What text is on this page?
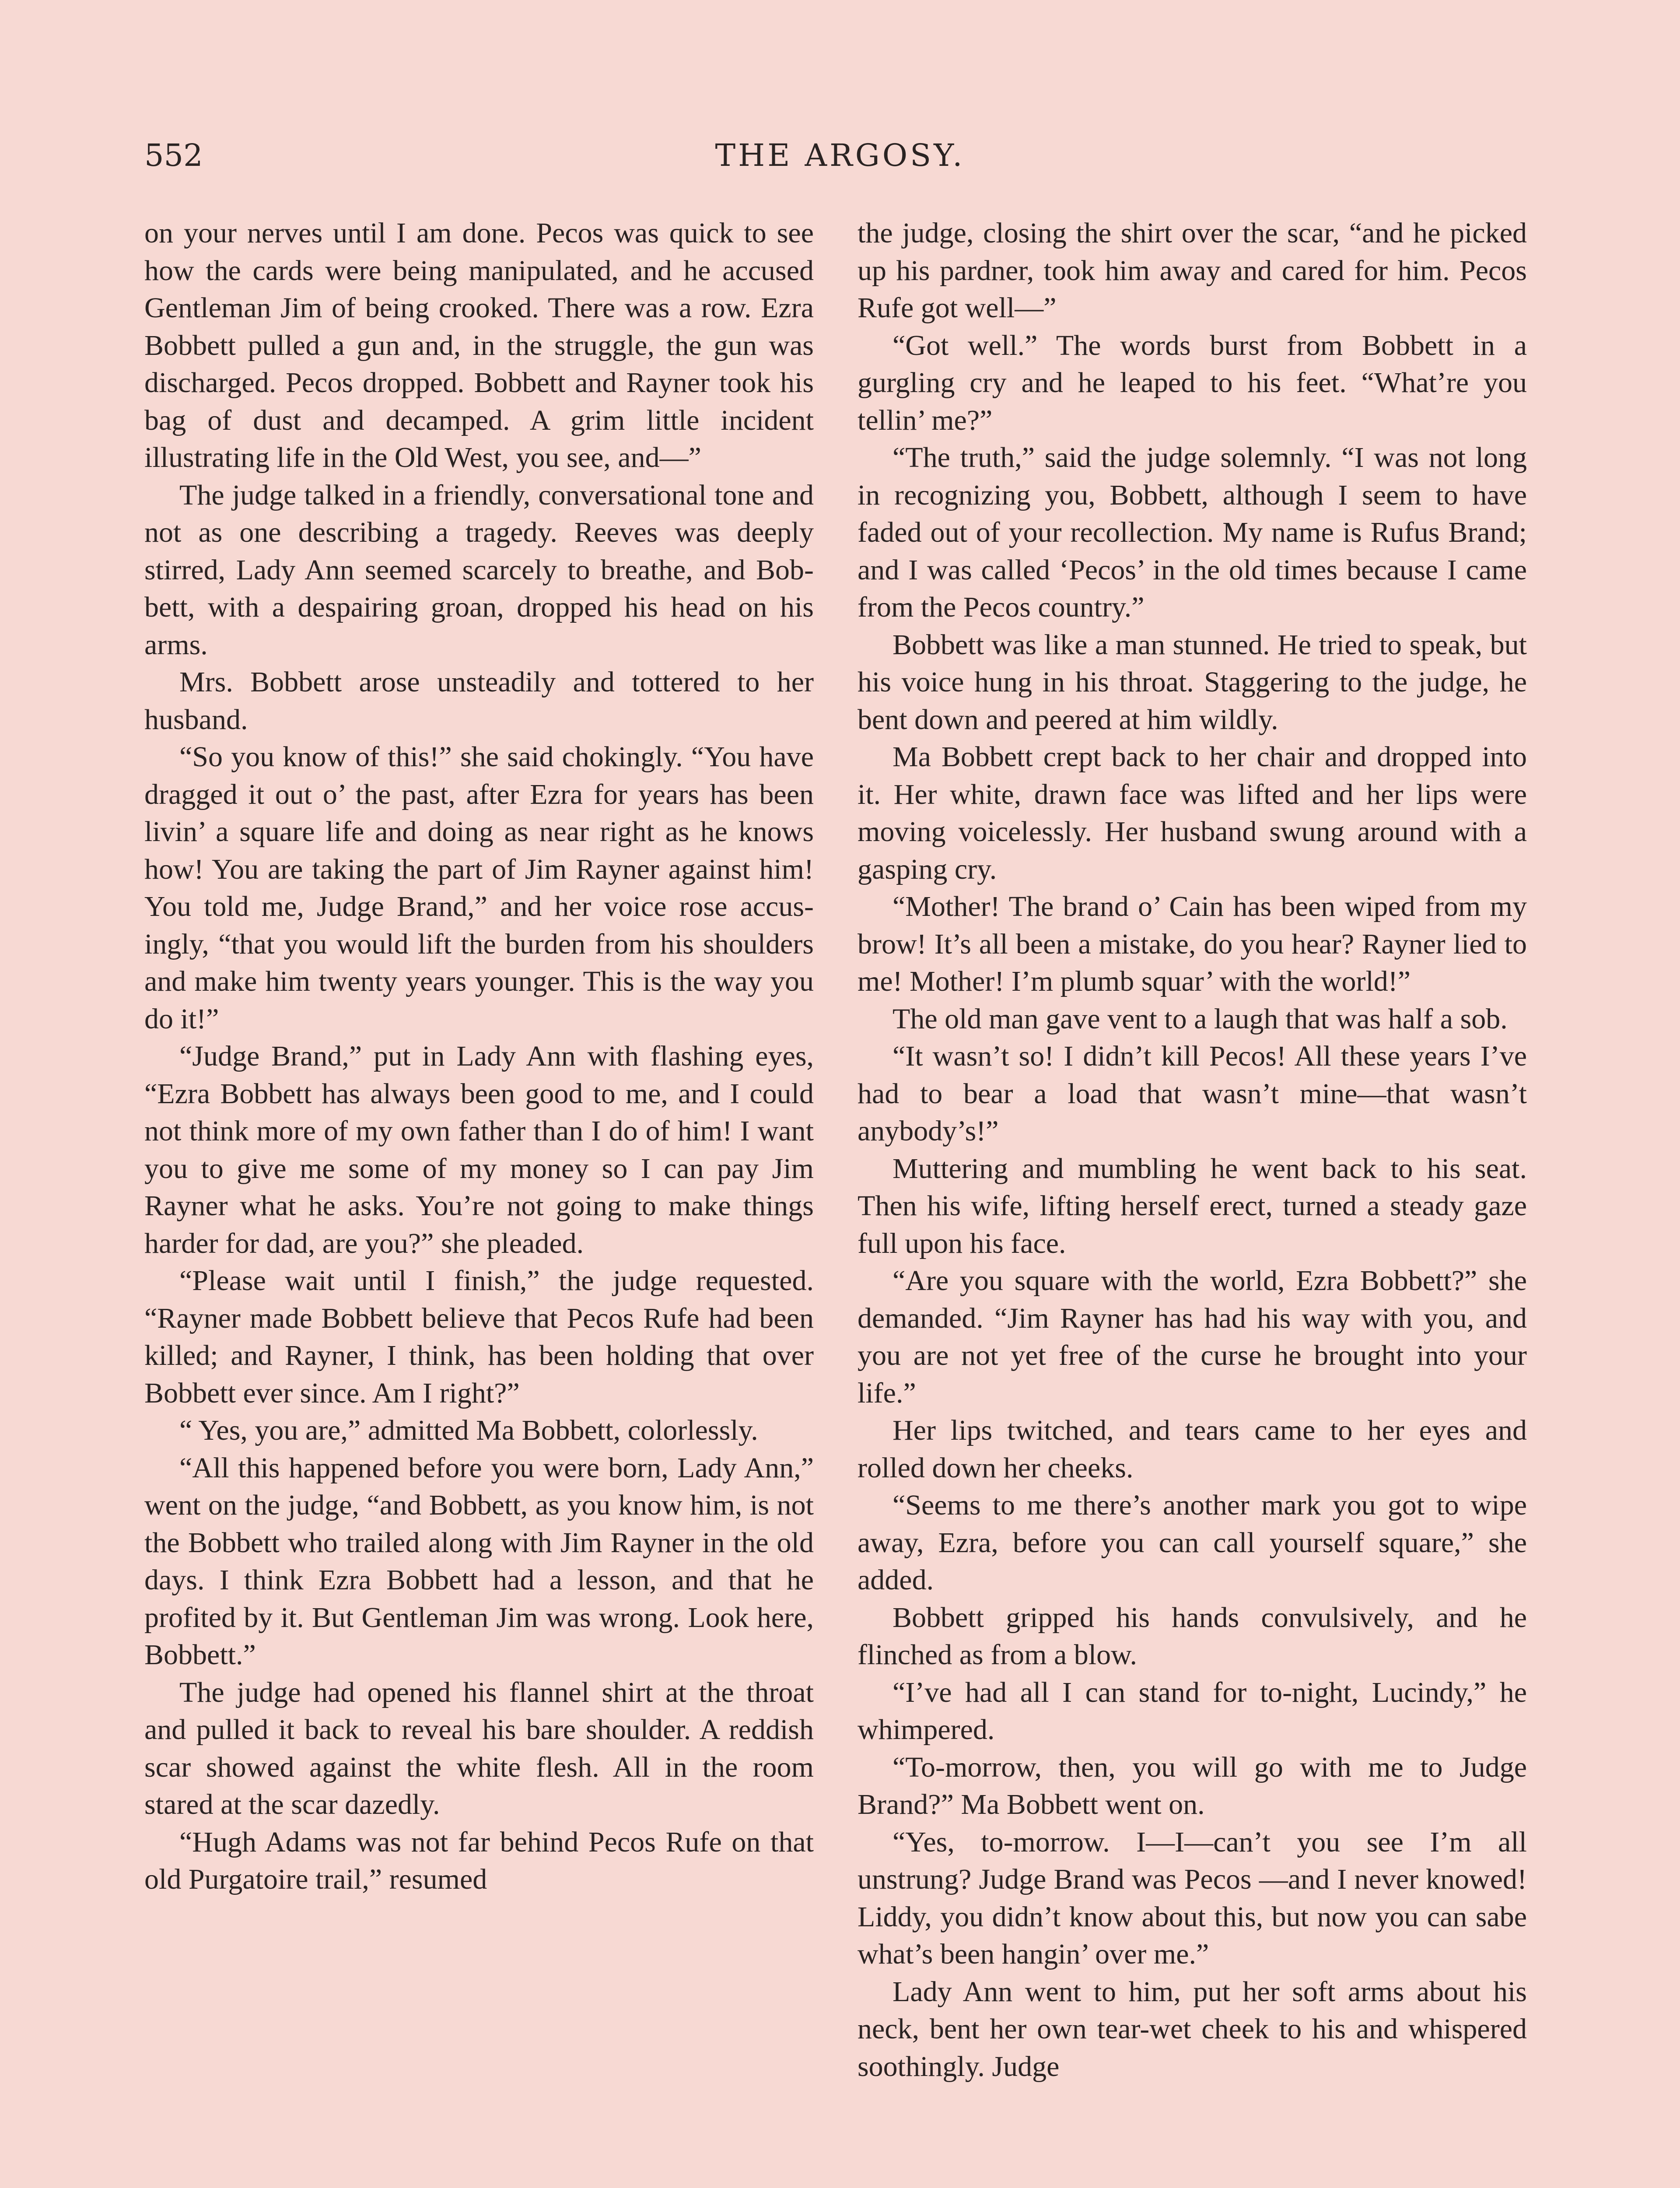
552	THE ARGOSY.

on your nerves until I am done. Pecos was quick to see how the cards were being manipulated, and he accused Gentleman Jim of being crooked. There was a row. Ezra Bobbett pulled a gun and, in the struggle, the gun was discharged. Pecos dropped. Bobbett and Rayner took his bag of dust and decamped. A grim little incident illustrating life in the Old West, you see, and—”

The judge talked in a friendly, conversational tone and not as one describing a tragedy. Reeves was deeply stirred, Lady Ann seemed scarcely to breathe, and Bobbett, with a despairing groan, dropped his head on his arms.

Mrs. Bobbett arose unsteadily and tottered to her husband.

“So you know of this!” she said chokingly. “You have dragged it out o’ the past, after Ezra for years has been livin’ a square life and doing as near right as he knows how! You are taking the part of Jim Rayner against him! You told me, Judge Brand,” and her voice rose accusingly, “that you would lift the burden from his shoulders and make him twenty years younger. This is the way you do it!”

“Judge Brand,” put in Lady Ann with flashing eyes, “Ezra Bobbett has always been good to me, and I could not think more of my own father than I do of him! I want you to give me some of my money so I can pay Jim Rayner what he asks. You’re not going to make things harder for dad, are you?” she pleaded.

“Please wait until I finish,” the judge requested. “Rayner made Bobbett believe that Pecos Rufe had been killed; and Rayner, I think, has been holding that over Bobbett ever since. Am I right?”

“ Yes, you are,” admitted Ma Bobbett, colorlessly.

“All this happened before you were born, Lady Ann,” went on the judge, “and Bobbett, as you know him, is not the Bobbett who trailed along with Jim Rayner in the old days. I think Ezra Bobbett had a lesson, and that he profited by it. But Gentleman Jim was wrong. Look here, Bobbett.”

The judge had opened his flannel shirt at the throat and pulled it back to reveal his bare shoulder. A reddish scar showed against the white flesh. All in the room stared at the scar dazedly.

“Hugh Adams was not far behind Pecos Rufe on that old Purgatoire trail,” resumed

the judge, closing the shirt over the scar, “and he picked up his pardner, took him away and cared for him. Pecos Rufe got well—”

“Got well.” The words burst from Bobbett in a gurgling cry and he leaped to his feet. “What’re you tellin’ me?”

“The truth,” said the judge solemnly. “I was not long in recognizing you, Bobbett, although I seem to have faded out of your recollection. My name is Rufus Brand; and I was called ‘Pecos’ in the old times because I came from the Pecos country.”

Bobbett was like a man stunned. He tried to speak, but his voice hung in his throat. Staggering to the judge, he bent down and peered at him wildly.

Ma Bobbett crept back to her chair and dropped into it. Her white, drawn face was lifted and her lips were moving voicelessly. Her husband swung around with a gasping cry.

“Mother! The brand o’ Cain has been wiped from my brow! It’s all been a mistake, do you hear? Rayner lied to me! Mother! I’m plumb squar’ with the world!”

The old man gave vent to a laugh that was half a sob.

“It wasn’t so! I didn’t kill Pecos! All these years I’ve had to bear a load that wasn’t mine—that wasn’t anybody’s!”

Muttering and mumbling he went back to his seat. Then his wife, lifting herself erect, turned a steady gaze full upon his face.

“Are you square with the world, Ezra Bobbett?” she demanded. “Jim Rayner has had his way with you, and you are not yet free of the curse he brought into your life.”

Her lips twitched, and tears came to her eyes and rolled down her cheeks.

“Seems to me there’s another mark you got to wipe away, Ezra, before you can call yourself square,” she added.

Bobbett gripped his hands convulsively, and he flinched as from a blow.

“I’ve had all I can stand for to-night, Lucindy,” he whimpered.

“To-morrow, then, you will go with me to Judge Brand?” Ma Bobbett went on.

“Yes, to-morrow. I—I—can’t you see I’m all unstrung? Judge Brand was Pecos —and I never knowed! Liddy, you didn’t know about this, but now you can sabe what’s been hangin’ over me.”

Lady Ann went to him, put her soft arms about his neck, bent her own tear-wet cheek to his and whispered soothingly. Judge
